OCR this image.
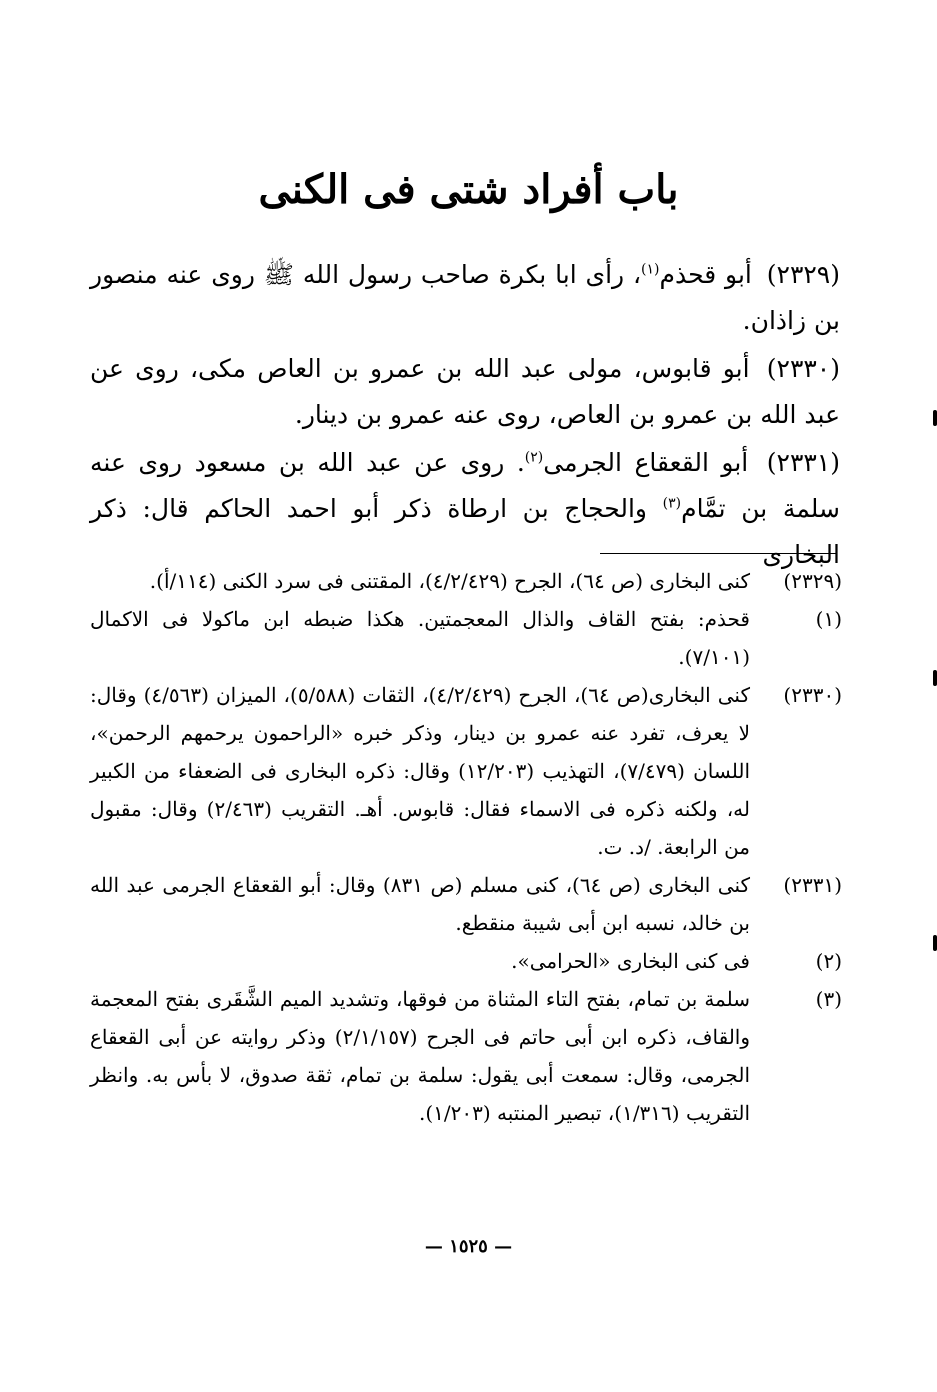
باب أفراد شتى فى الكنى

(٢٣٢٩) أبو قحذم$^{(١)}$، رأى ابا بكرة صاحب رسول الله ﷺ روى عنه منصور بن زاذان.

(٢٣٣٠) أبو قابوس، مولى عبد الله بن عمرو بن العاص مكى، روى عن عبد الله بن عمرو بن العاص، روى عنه عمرو بن دينار.

(٢٣٣١) أبو القعقاع الجرمى$^{(٢)}$. روى عن عبد الله بن مسعود روى عنه سلمة بن تمَّام$^{(٣)}$ والحجاج بن ارطاة ذكر أبو احمد الحاكم قال: ذكر البخارى

(٢٣٢٩)
كنى البخارى (ص ٦٤)، الجرح (٤/٢/٤٢٩)، المقتنى فى سرد الكنى (١١٤/أ).
(١)
قحذم: بفتح القاف والذال المعجمتين. هكذا ضبطه ابن ماكولا فى الاكمال (٧/١٠١).
(٢٣٣٠)
كنى البخارى(ص ٦٤)، الجرح (٤/٢/٤٢٩)، الثقات (٥/٥٨٨)، الميزان (٤/٥٦٣) وقال: لا يعرف، تفرد عنه عمرو بن دينار، وذكر خبره «الراحمون يرحمهم الرحمن»، اللسان (٧/٤٧٩)، التهذيب (١٢/٢٠٣) وقال: ذكره البخارى فى الضعفاء من الكبير له، ولكنه ذكره فى الاسماء فقال: قابوس. أهـ. التقريب (٢/٤٦٣) وقال: مقبول من الرابعة. /د. ت.
(٢٣٣١)
كنى البخارى (ص ٦٤)، كنى مسلم (ص ٨٣١) وقال: أبو القعقاع الجرمى عبد الله بن خالد، نسبه ابن أبى شيبة منقطع.
(٢)
فى كنى البخارى «الحرامى».
(٣)
سلمة بن تمام، بفتح التاء المثناة من فوقها، وتشديد الميم الشَّقَرى بفتح المعجمة والقاف، ذكره ابن أبى حاتم فى الجرح (٢/١/١٥٧) وذكر روايته عن أبى القعقاع الجرمى، وقال: سمعت أبى يقول: سلمة بن تمام، ثقة صدوق، لا بأس به. وانظر التقريب (١/٣١٦)، تبصير المنتبه (١/٢٠٣).
— ١٥٢٥ —
